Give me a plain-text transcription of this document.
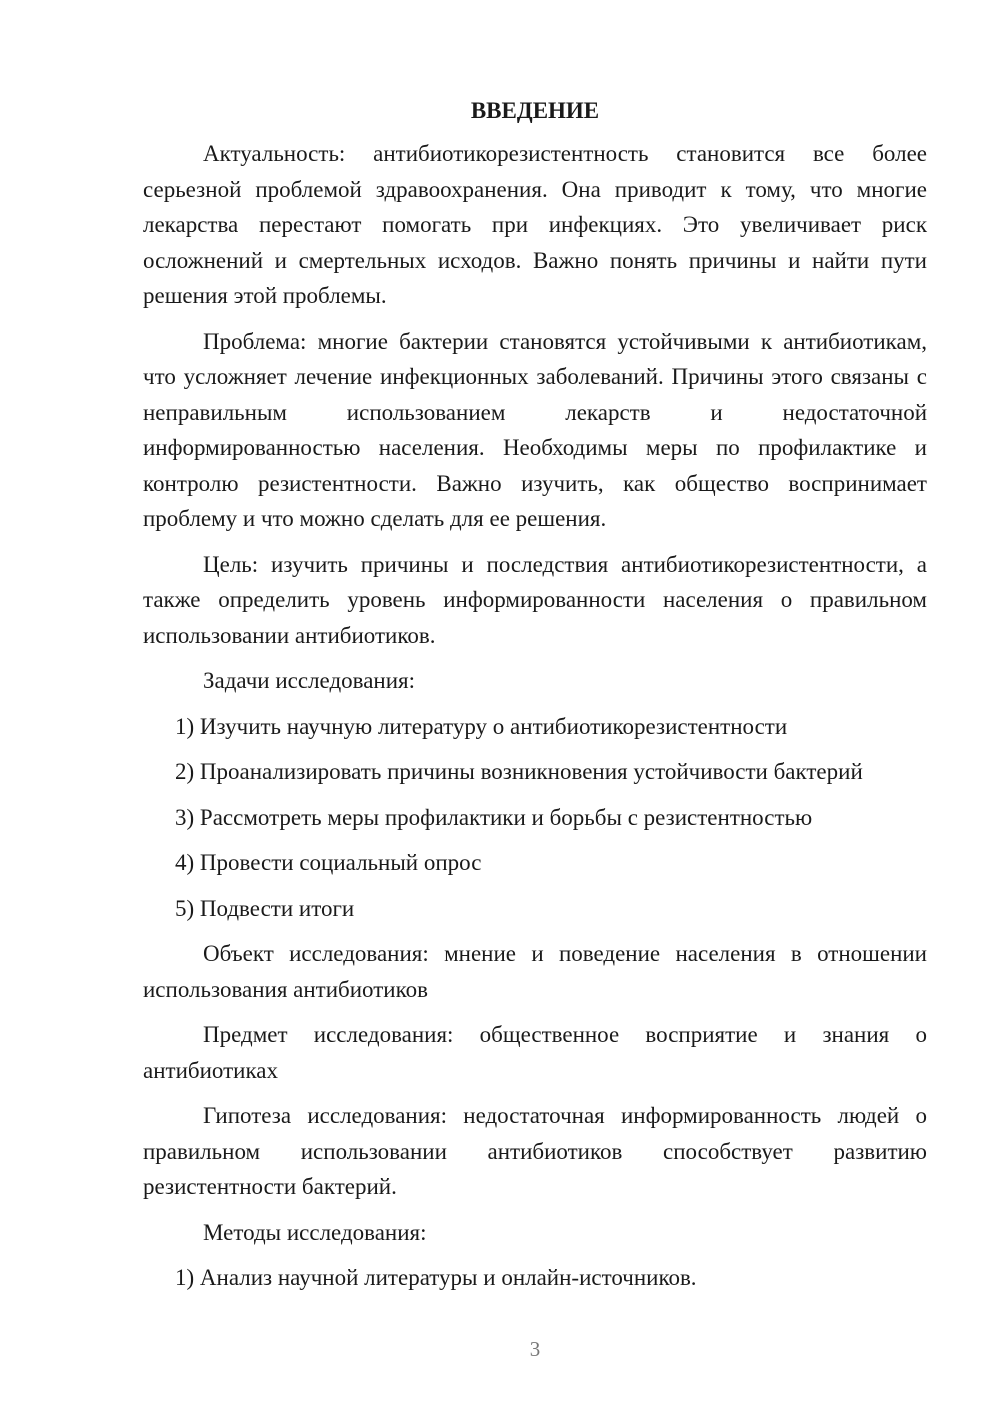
ВВЕДЕНИЕ

Актуальность: антибиотикорезистентность становится все более серьезной проблемой здравоохранения. Она приводит к тому, что многие лекарства перестают помогать при инфекциях. Это увеличивает риск осложнений и смертельных исходов. Важно понять причины и найти пути решения этой проблемы.

Проблема: многие бактерии становятся устойчивыми к антибиотикам, что усложняет лечение инфекционных заболеваний. Причины этого связаны с неправильным использованием лекарств и недостаточной информированностью населения. Необходимы меры по профилактике и контролю резистентности. Важно изучить, как общество воспринимает проблему и что можно сделать для ее решения.

Цель: изучить причины и последствия антибиотикорезистентности, а также определить уровень информированности населения о правильном использовании антибиотиков.

Задачи исследования:

1) Изучить научную литературу о антибиотикорезистентности
2) Проанализировать причины возникновения устойчивости бактерий
3) Рассмотреть меры профилактики и борьбы с резистентностью
4) Провести социальный опрос
5) Подвести итоги

Объект исследования: мнение и поведение населения в отношении использования антибиотиков

Предмет исследования: общественное восприятие и знания о антибиотиках

Гипотеза исследования: недостаточная информированность людей о правильном использовании антибиотиков способствует развитию резистентности бактерий.

Методы исследования:

1) Анализ научной литературы и онлайн-источников.
3
